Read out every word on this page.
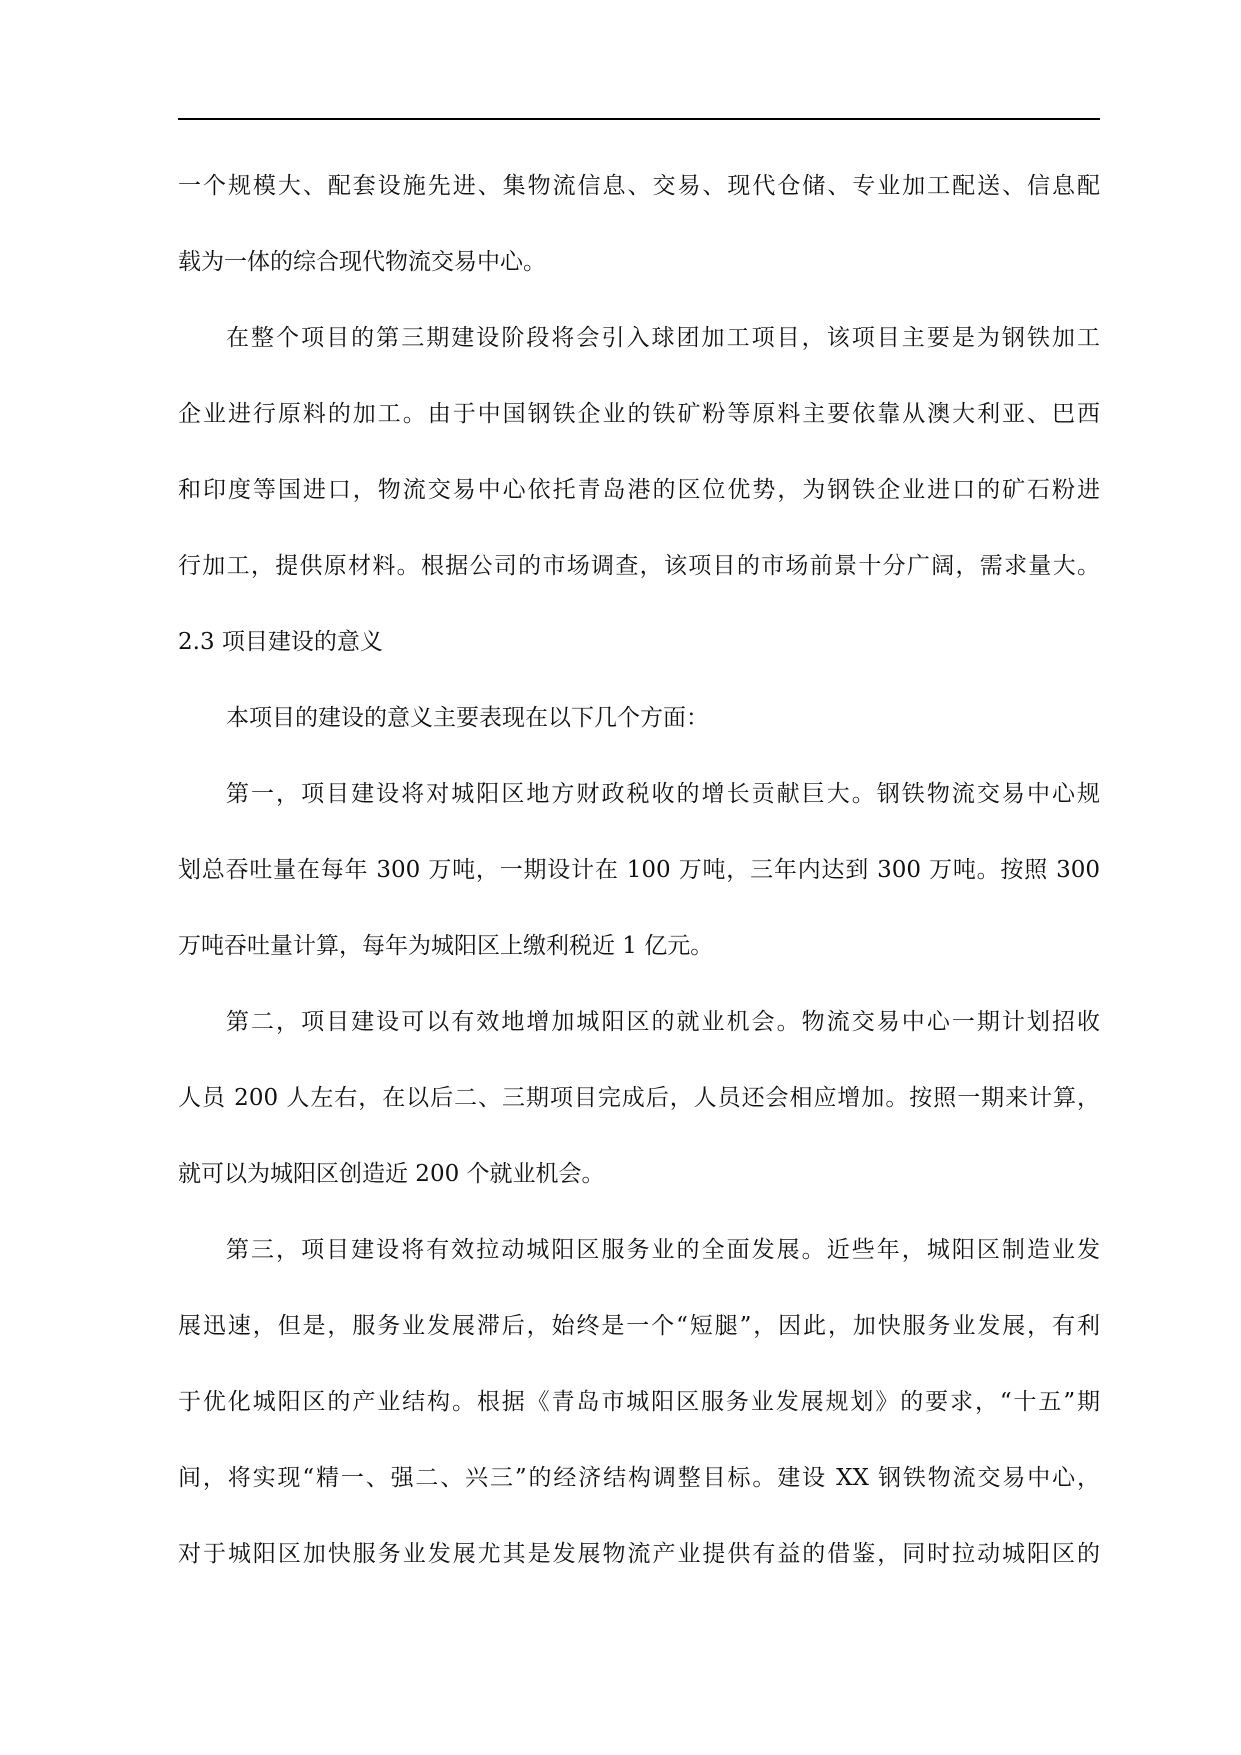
一个规模大、配套设施先进、集物流信息、交易、现代仓储、专业加工配送、信息配
载为一体的综合现代物流交易中心。
在整个项目的第三期建设阶段将会引入球团加工项目，该项目主要是为钢铁加工
企业进行原料的加工。由于中国钢铁企业的铁矿粉等原料主要依靠从澳大利亚、巴西
和印度等国进口，物流交易中心依托青岛港的区位优势，为钢铁企业进口的矿石粉进
行加工，提供原材料。根据公司的市场调查，该项目的市场前景十分广阔，需求量大。
2.3 项目建设的意义
本项目的建设的意义主要表现在以下几个方面：
第一，项目建设将对城阳区地方财政税收的增长贡献巨大。钢铁物流交易中心规
划总吞吐量在每年 300 万吨，一期设计在 100 万吨，三年内达到 300 万吨。按照 300
万吨吞吐量计算，每年为城阳区上缴利税近 1 亿元。
第二，项目建设可以有效地增加城阳区的就业机会。物流交易中心一期计划招收
人员 200 人左右，在以后二、三期项目完成后，人员还会相应增加。按照一期来计算，
就可以为城阳区创造近 200 个就业机会。
第三，项目建设将有效拉动城阳区服务业的全面发展。近些年，城阳区制造业发
展迅速，但是，服务业发展滞后，始终是一个“短腿”，因此，加快服务业发展，有利
于优化城阳区的产业结构。根据《青岛市城阳区服务业发展规划》的要求，“十五”期
间，将实现“精一、强二、兴三”的经济结构调整目标。建设 XX 钢铁物流交易中心，
对于城阳区加快服务业发展尤其是发展物流产业提供有益的借鉴，同时拉动城阳区的
